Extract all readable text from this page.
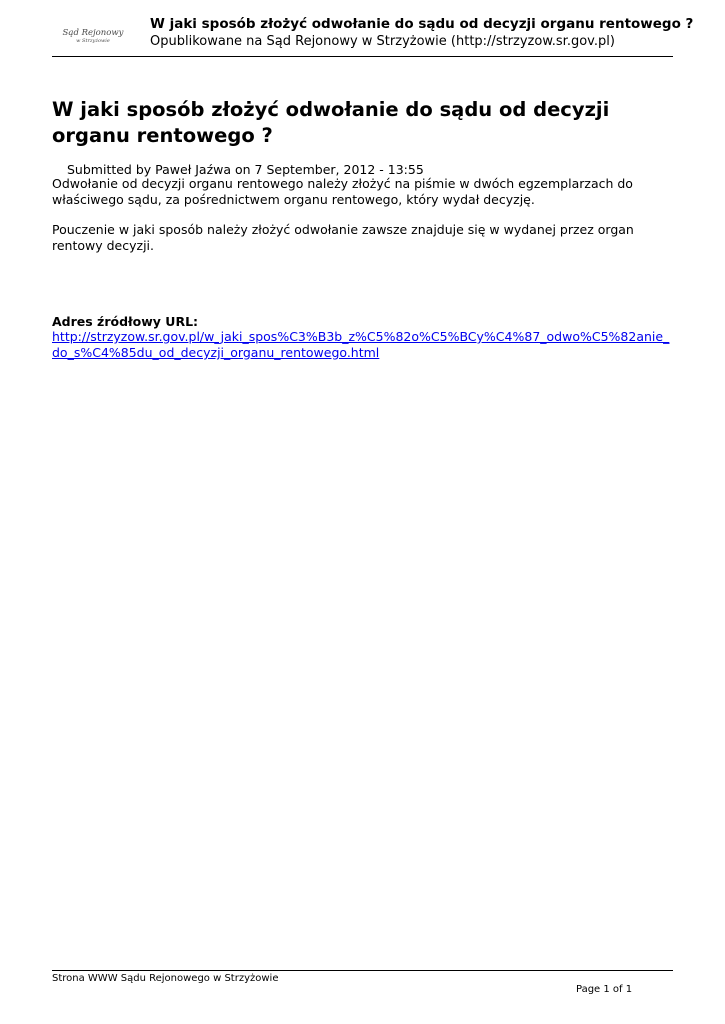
Sąd Rejonowy
w Strzyżowie
W jaki sposób złożyć odwołanie do sądu od decyzji organu rentowego ?
Opublikowane na Sąd Rejonowy w Strzyżowie (http://strzyzow.sr.gov.pl)
W jaki sposób złożyć odwołanie do sądu od decyzji organu rentowego ?
Submitted by Paweł Jaźwa on 7 September, 2012 - 13:55

Odwołanie od decyzji organu rentowego należy złożyć na piśmie w dwóch egzemplarzach do właściwego sądu, za pośrednictwem organu rentowego, który wydał decyzję.

Pouczenie w jaki sposób należy złożyć odwołanie zawsze znajduje się w wydanej przez organ rentowy decyzji.

Adres źródłowy URL:
http://strzyzow.sr.gov.pl/w_jaki_spos%C3%B3b_z%C5%82o%C5%BCy%C4%87_odwo%C5%82anie_do_s%C4%85du_od_decyzji_organu_rentowego.html
Strona WWW Sądu Rejonowego w Strzyżowie
Page 1 of 1
